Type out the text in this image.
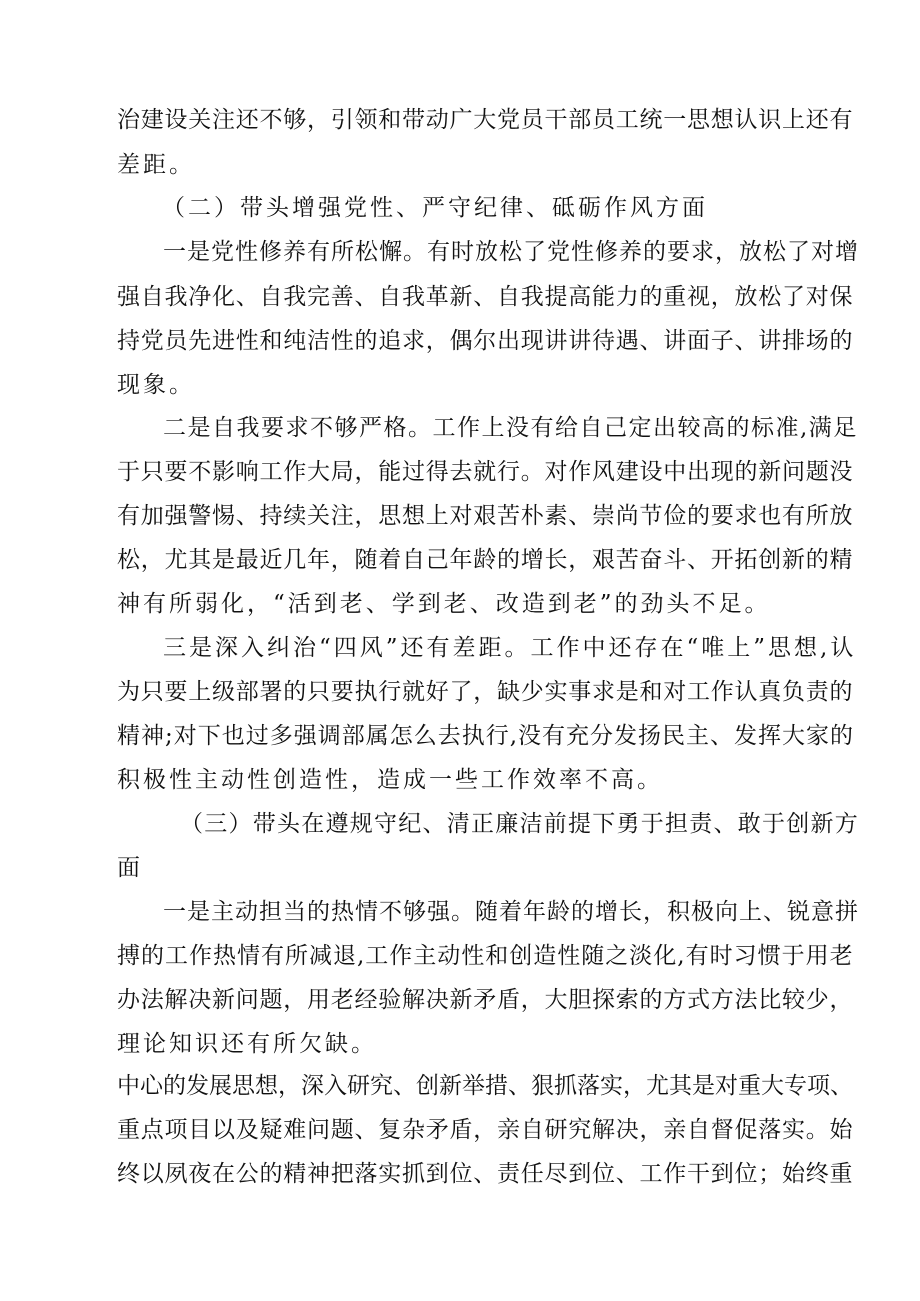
治建设关注还不够，引领和带动广大党员干部员工统一思想认识上还有
差距。
（二）带头增强党性、严守纪律、砥砺作风方面
一是党性修养有所松懈。有时放松了党性修养的要求，放松了对增
强自我净化、自我完善、自我革新、自我提高能力的重视，放松了对保
持党员先进性和纯洁性的追求，偶尔出现讲讲待遇、讲面子、讲排场的
现象。
二是自我要求不够严格。工作上没有给自己定出较高的标准,满足
于只要不影响工作大局，能过得去就行。对作风建设中出现的新问题没
有加强警惕、持续关注，思想上对艰苦朴素、崇尚节俭的要求也有所放
松，尤其是最近几年，随着自己年龄的增长，艰苦奋斗、开拓创新的精
神有所弱化，“活到老、学到老、改造到老”的劲头不足。
三是深入纠治“四风”还有差距。工作中还存在“唯上”思想,认
为只要上级部署的只要执行就好了，缺少实事求是和对工作认真负责的
精神;对下也过多强调部属怎么去执行,没有充分发扬民主、发挥大家的
积极性主动性创造性，造成一些工作效率不高。
（三）带头在遵规守纪、清正廉洁前提下勇于担责、敢于创新方
面
一是主动担当的热情不够强。随着年龄的增长，积极向上、锐意拼
搏的工作热情有所减退,工作主动性和创造性随之淡化,有时习惯于用老
办法解决新问题，用老经验解决新矛盾，大胆探索的方式方法比较少，
理论知识还有所欠缺。
中心的发展思想，深入研究、创新举措、狠抓落实，尤其是对重大专项、
重点项目以及疑难问题、复杂矛盾，亲自研究解决，亲自督促落实。始
终以夙夜在公的精神把落实抓到位、责任尽到位、工作干到位；始终重
